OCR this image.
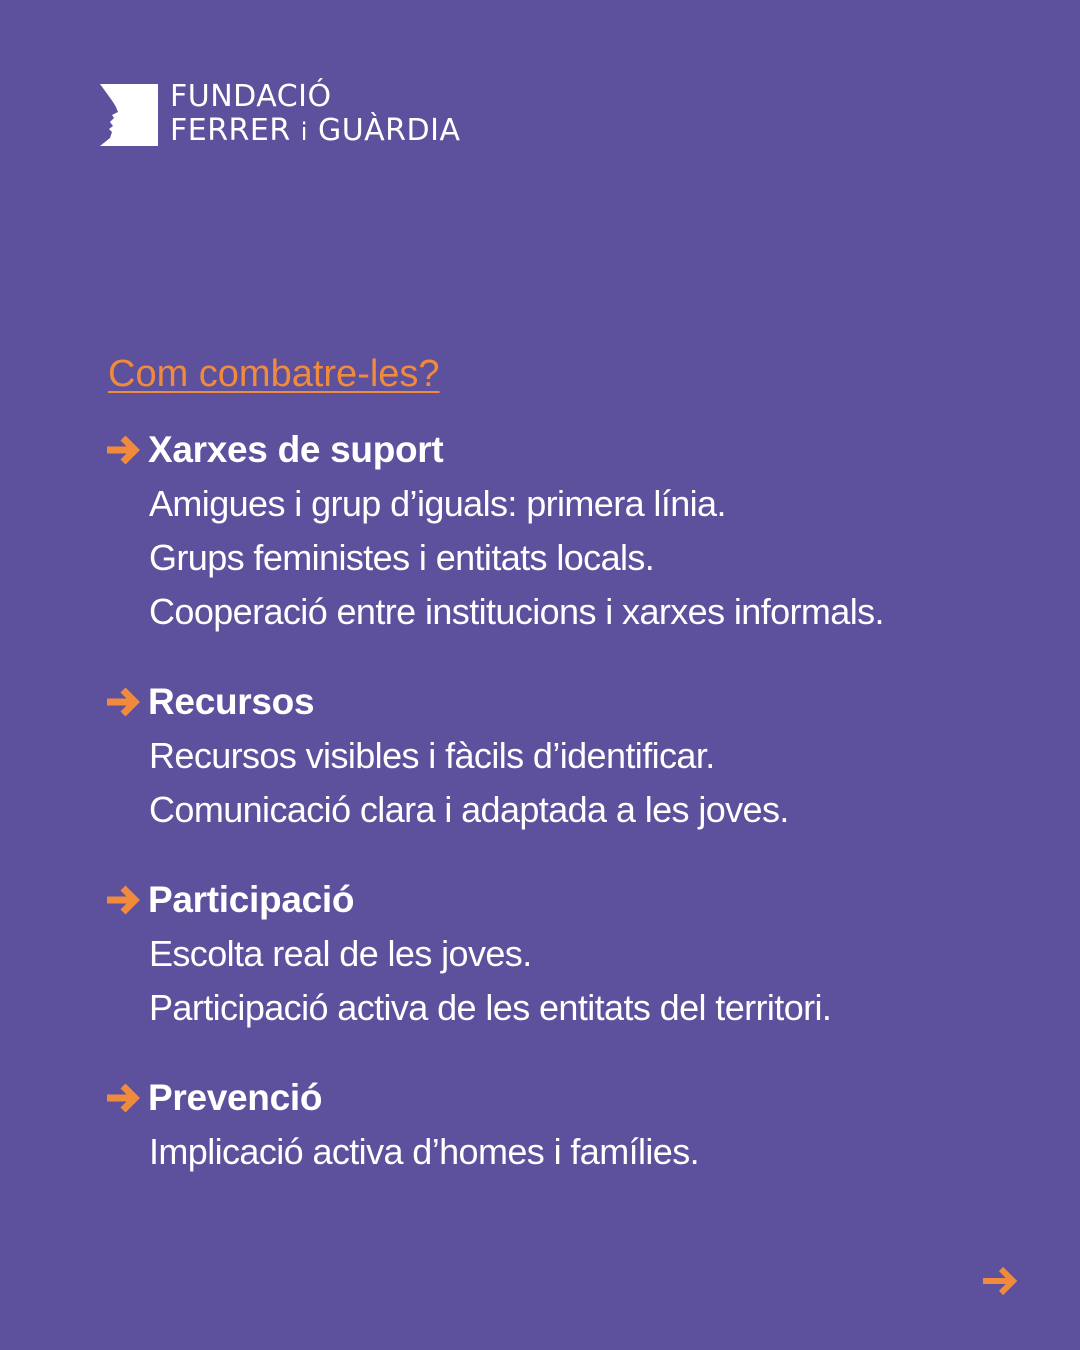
FUNDACIÓ
FERRER i GUÀRDIA
Com combatre-les?
Xarxes de suport
Amigues i grup d’iguals: primera línia.
Grups feministes i entitats locals.
Cooperació entre institucions i xarxes informals.
Recursos
Recursos visibles i fàcils d’identificar.
Comunicació clara i adaptada a les joves.
Participació
Escolta real de les joves.
Participació activa de les entitats del territori.
Prevenció
Implicació activa d’homes i famílies.
